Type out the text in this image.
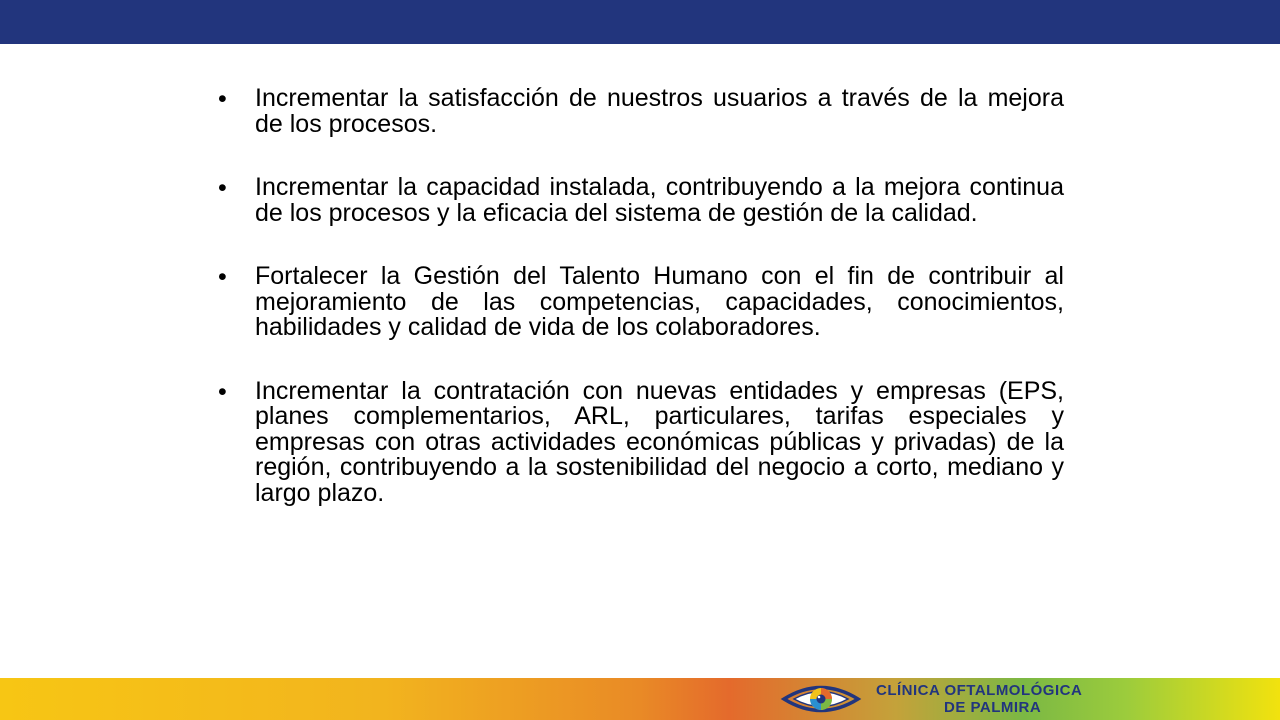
•	Incrementar la satisfacción de nuestros usuarios a través de la mejora de los procesos.
•	Incrementar la capacidad instalada, contribuyendo a la mejora continua de los procesos y la eficacia del sistema de gestión de la calidad.
•	Fortalecer la Gestión del Talento Humano con el fin de contribuir al mejoramiento de las competencias, capacidades, conocimientos, habilidades y calidad de vida de los colaboradores.
•	Incrementar la contratación con nuevas entidades y empresas (EPS, planes complementarios, ARL, particulares, tarifas especiales y empresas con otras actividades económicas públicas y privadas) de la región, contribuyendo a la sostenibilidad del negocio a corto, mediano y largo plazo.
CLÍNICA OFTALMOLÓGICA
DE PALMIRA
